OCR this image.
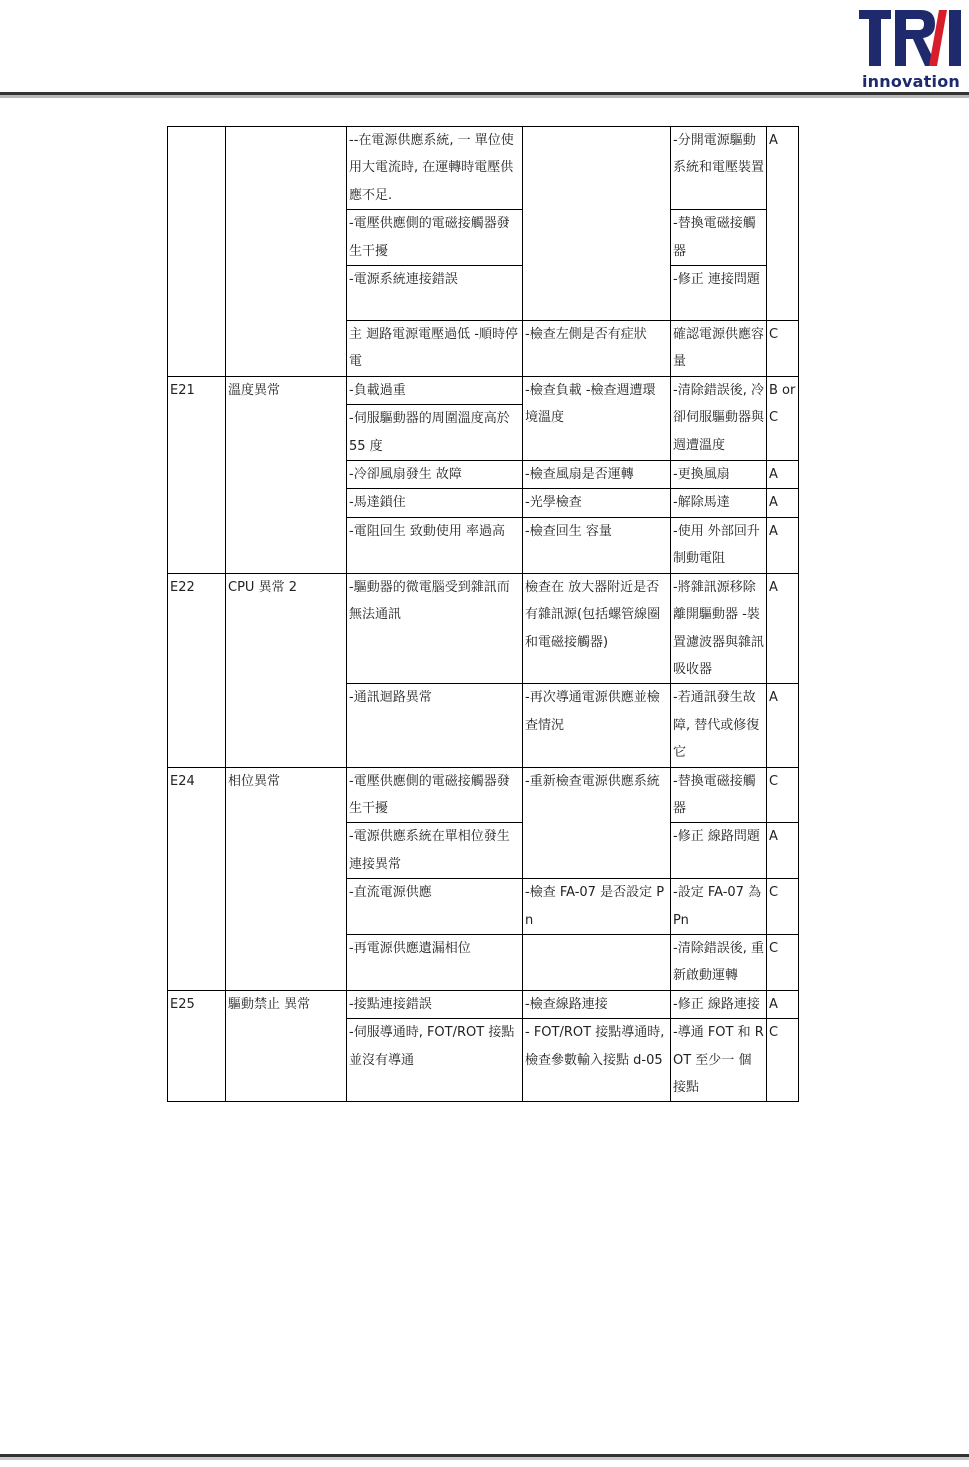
innovation
		--在電源供應系統, 一 單位使用大電流時, 在運轉時電壓供應不足.		-分開電源驅動系統和電壓裝置	A
		-電壓供應側的電磁接觸器發生干擾		-替換電磁接觸器	
		-電源系統連接錯誤		-修正 連接問題	
		主 迴路電源電壓過低 -順時停電	-檢查左側是否有症狀	確認電源供應容量	C
E21	溫度異常	-負載過重	-檢查負載 -檢查週遭環境溫度	-清除錯誤後, 冷卻伺服驅動器與週遭溫度	B or C
		-伺服驅動器的周圍溫度高於 55 度			
		-冷卻風扇發生 故障	-檢查風扇是否運轉	-更換風扇	A
		-馬達鎖住	-光學檢查	-解除馬達	A
		-電阻回生 致動使用 率過高	-檢查回生 容量	-使用 外部回升制動電阻	A
E22	CPU 異常 2	-驅動器的微電腦受到雜訊而 無法通訊	檢查在 放大器附近是否有雜訊源(包括螺管線圈和電磁接觸器)	-將雜訊源移除離開驅動器 -裝置濾波器與雜訊吸收器	A
		-通訊迴路異常	-再次導通電源供應並檢查情況	-若通訊發生故障, 替代或修復它	A
E24	相位異常	-電壓供應側的電磁接觸器發生干擾	-重新檢查電源供應系統	-替換電磁接觸器	C
		-電源供應系統在單相位發生 連接異常		-修正 線路問題	A
		-直流電源供應	-檢查 FA-07 是否設定 Pn	-設定 FA-07 為 Pn	C
		-再電源供應遺漏相位		-清除錯誤後, 重新啟動運轉	C
E25	驅動禁止 異常	-接點連接錯誤	-檢查線路連接	-修正 線路連接	A
		-伺服導通時, FOT/ROT 接點並沒有導通	- FOT/ROT 接點導通時, 檢查參數輸入接點 d-05	-導通 FOT 和 ROT 至少一 個接點	C
